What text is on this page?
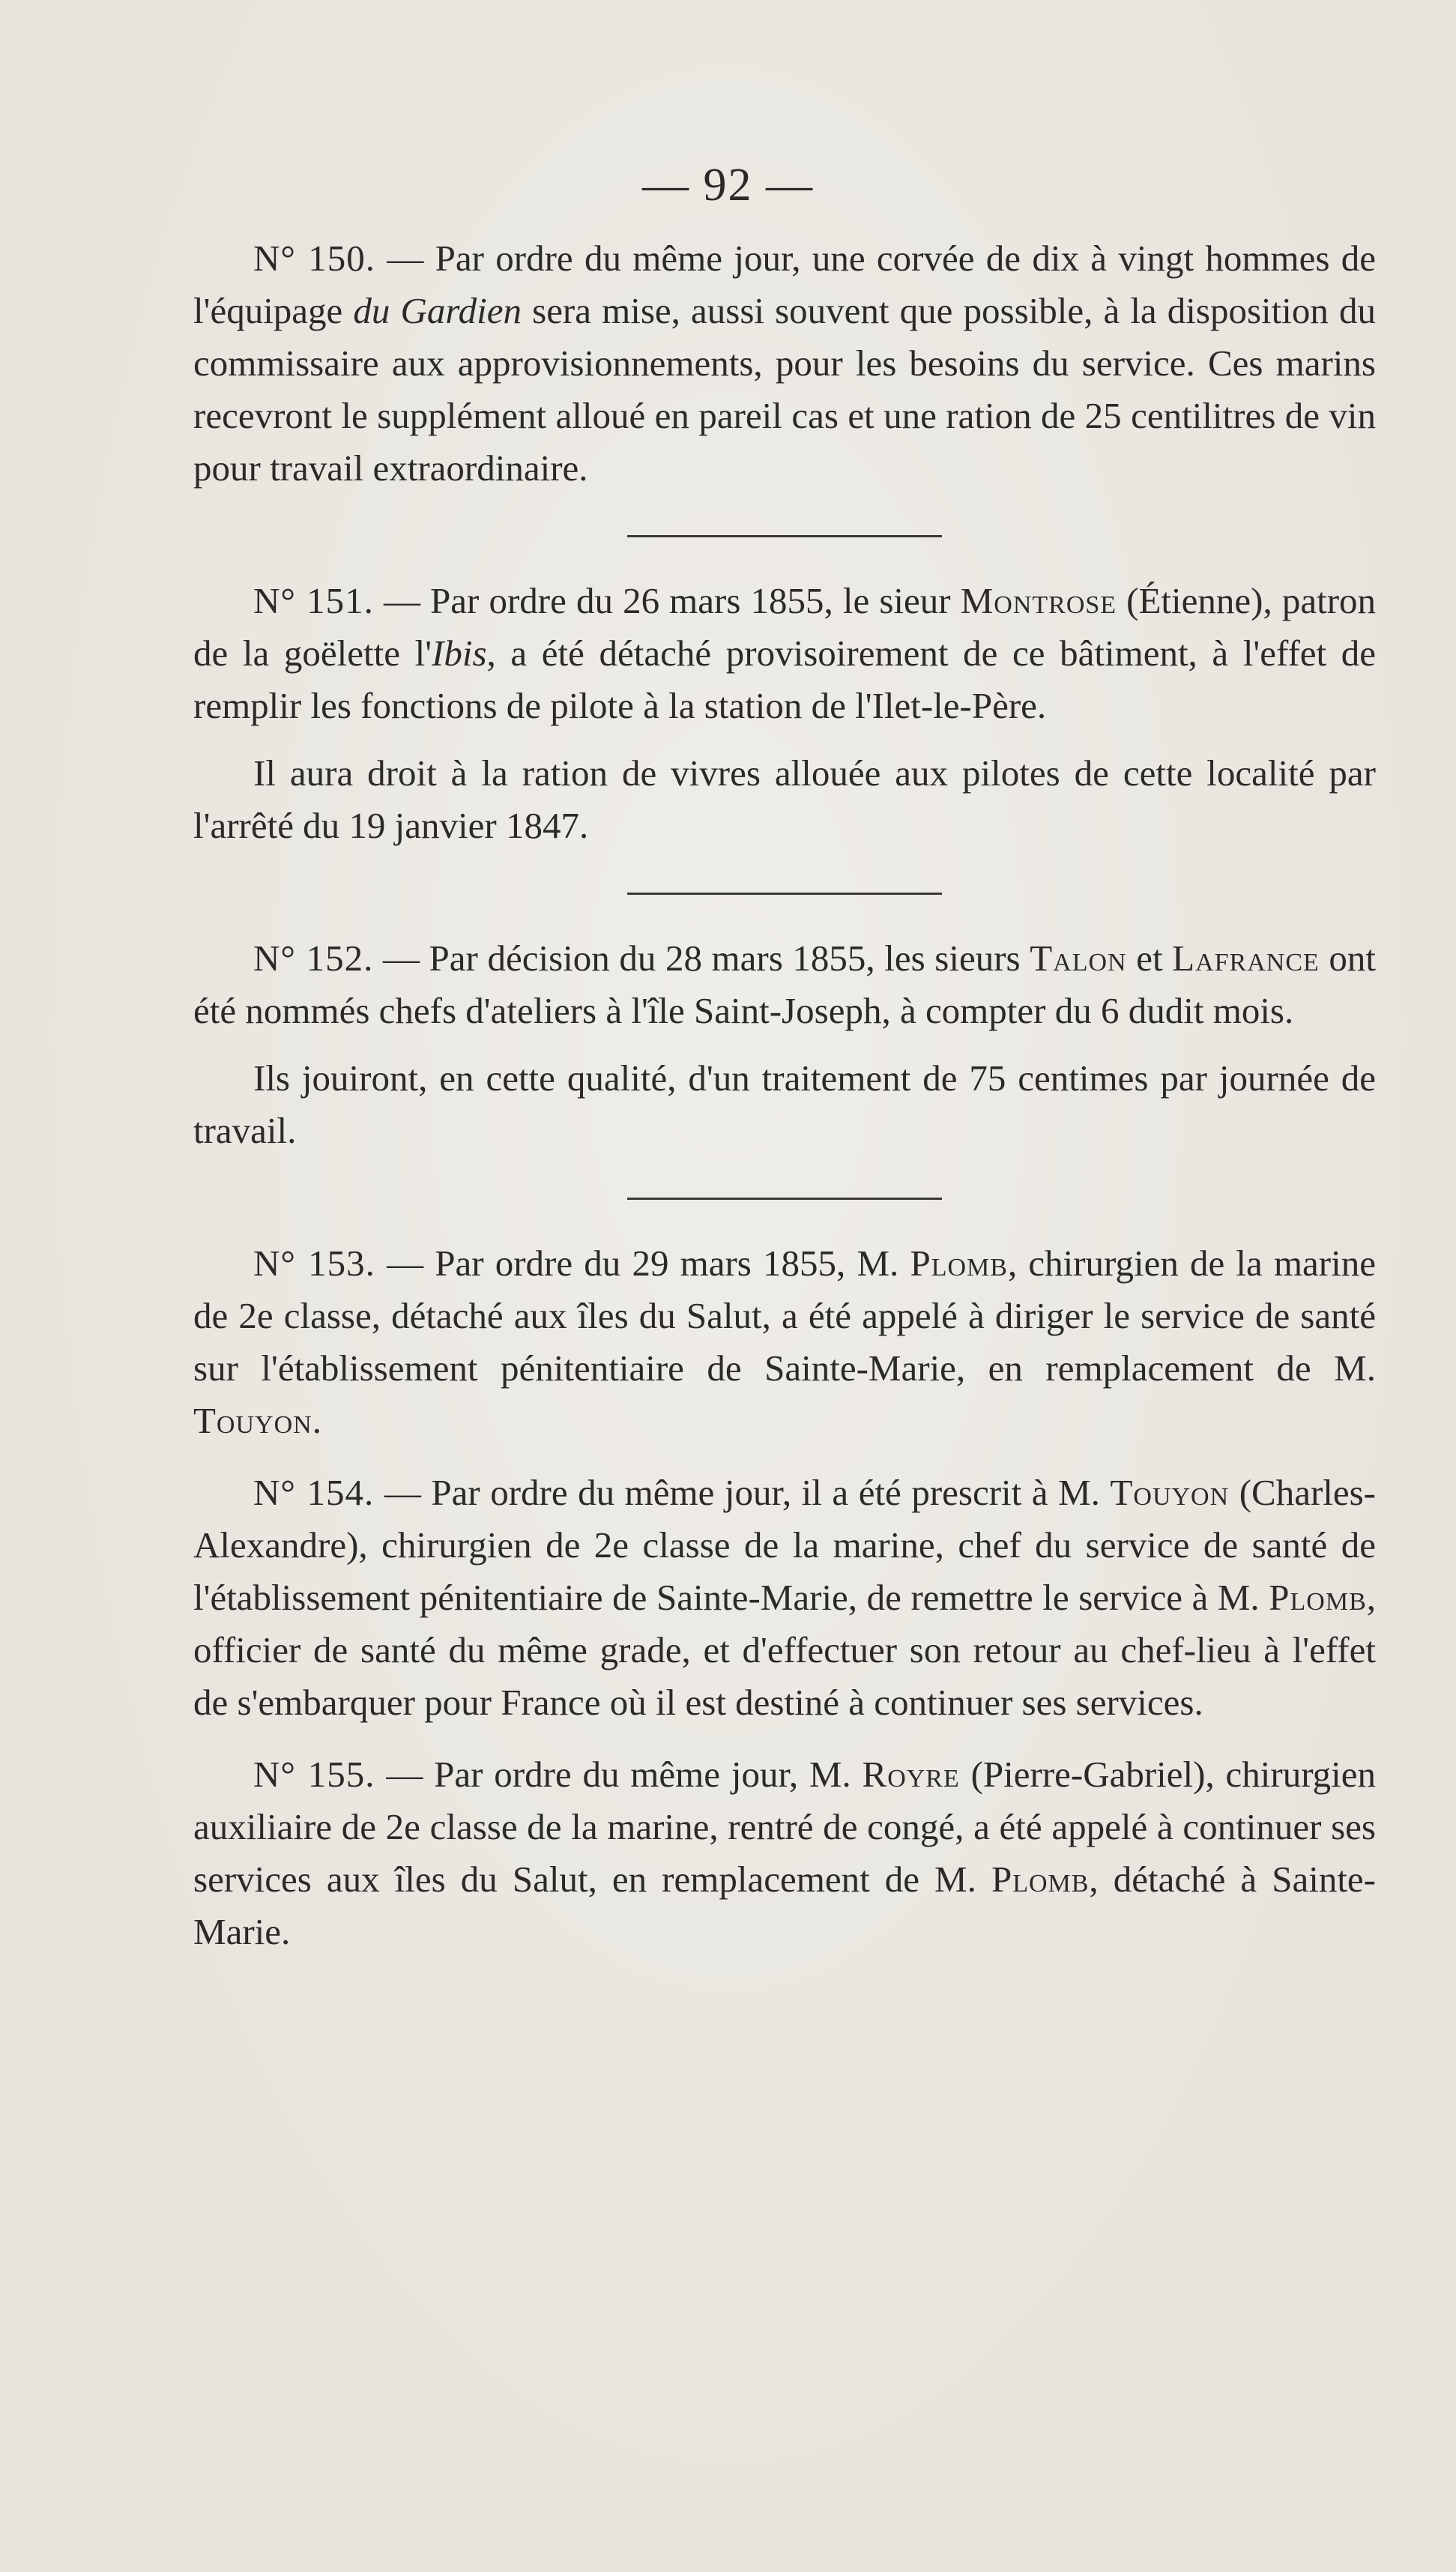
— 92 —

N° 150. — Par ordre du même jour, une corvée de dix à vingt hommes de l'équipage du Gardien sera mise, aussi souvent que possible, à la disposition du commissaire aux approvisionnements, pour les besoins du service. Ces marins recevront le supplément alloué en pareil cas et une ration de 25 centilitres de vin pour travail extraordinaire.

N° 151. — Par ordre du 26 mars 1855, le sieur Montrose (Étienne), patron de la goëlette l'Ibis, a été détaché provisoirement de ce bâtiment, à l'effet de remplir les fonctions de pilote à la station de l'Ilet-le-Père.

Il aura droit à la ration de vivres allouée aux pilotes de cette localité par l'arrêté du 19 janvier 1847.

N° 152. — Par décision du 28 mars 1855, les sieurs Talon et Lafrance ont été nommés chefs d'ateliers à l'île Saint-Joseph, à compter du 6 dudit mois.

Ils jouiront, en cette qualité, d'un traitement de 75 centimes par journée de travail.

N° 153. — Par ordre du 29 mars 1855, M. Plomb, chirurgien de la marine de 2e classe, détaché aux îles du Salut, a été appelé à diriger le service de santé sur l'établissement pénitentiaire de Sainte-Marie, en remplacement de M. Touyon.

N° 154. — Par ordre du même jour, il a été prescrit à M. Touyon (Charles-Alexandre), chirurgien de 2e classe de la marine, chef du service de santé de l'établissement pénitentiaire de Sainte-Marie, de remettre le service à M. Plomb, officier de santé du même grade, et d'effectuer son retour au chef-lieu à l'effet de s'embarquer pour France où il est destiné à continuer ses services.

N° 155. — Par ordre du même jour, M. Royre (Pierre-Gabriel), chirurgien auxiliaire de 2e classe de la marine, rentré de congé, a été appelé à continuer ses services aux îles du Salut, en remplacement de M. Plomb, détaché à Sainte-Marie.
